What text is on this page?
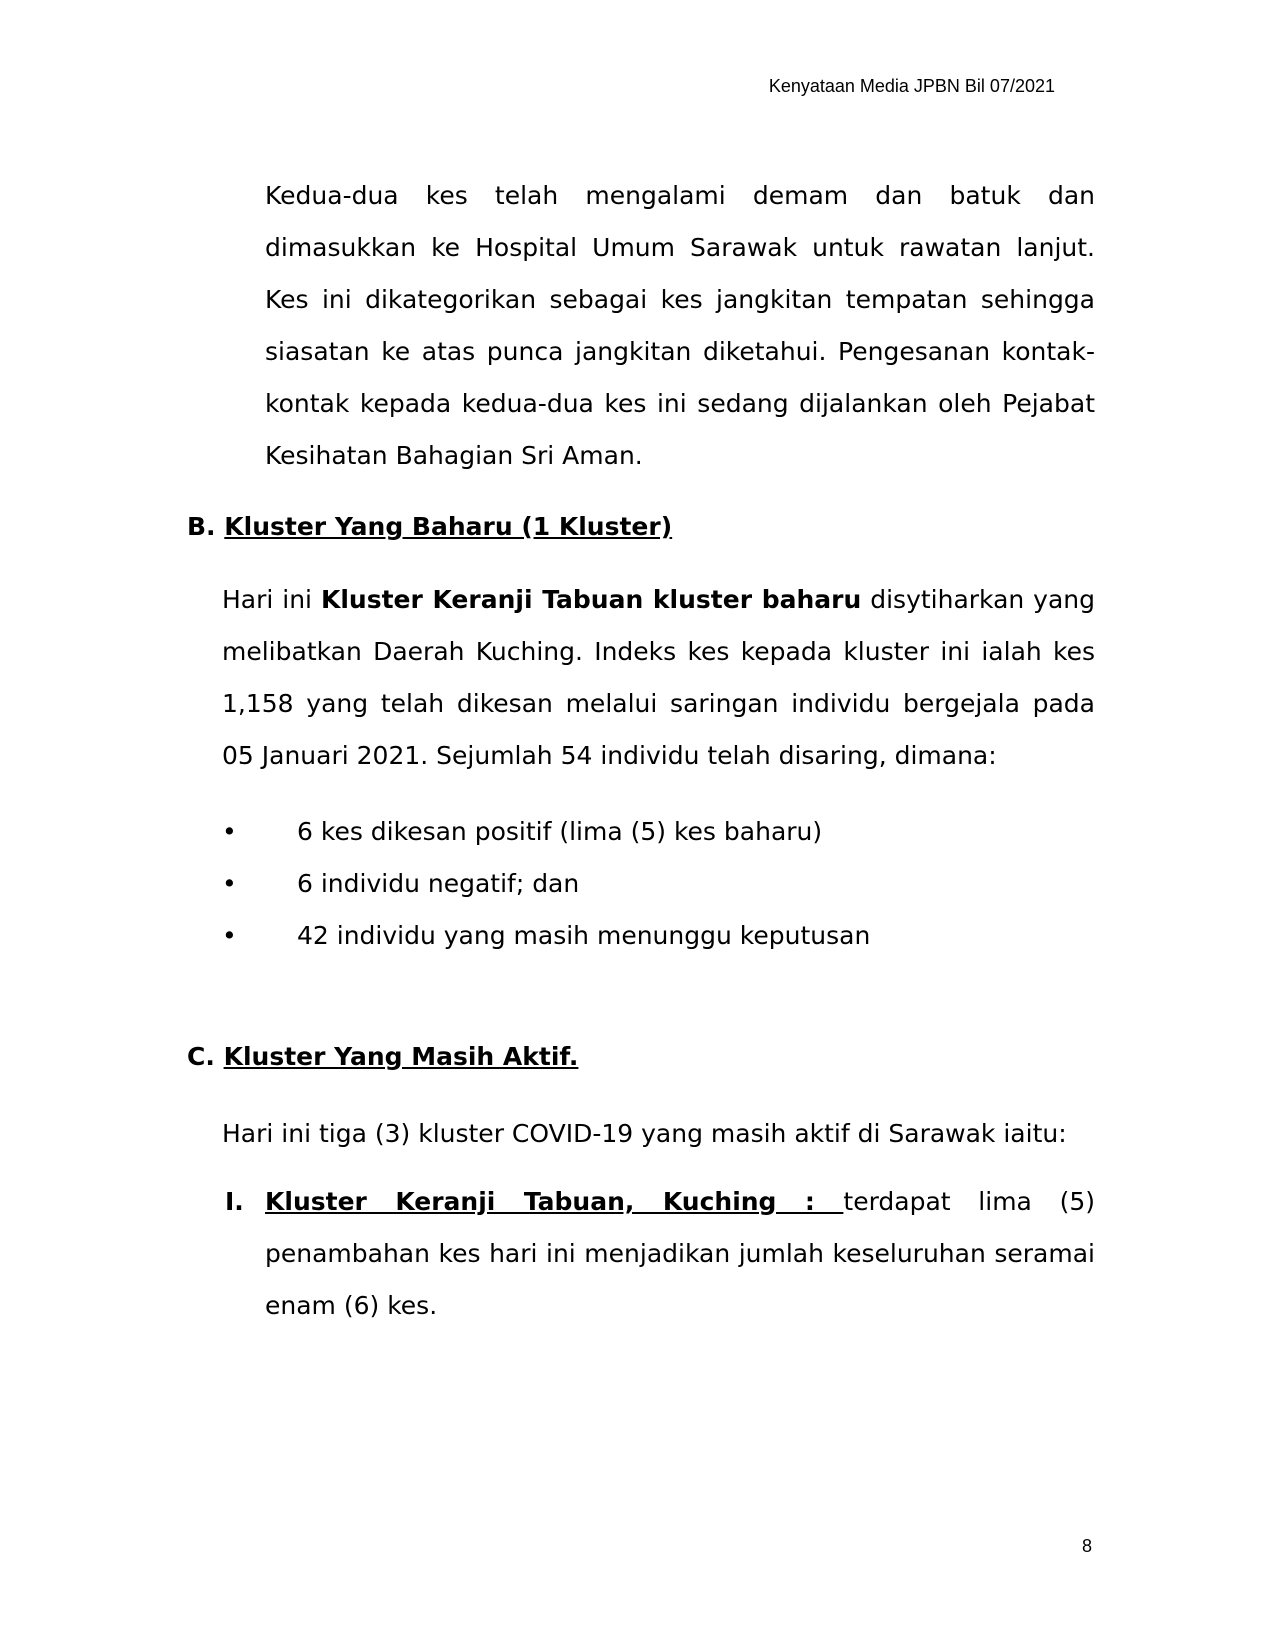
Kenyataan Media JPBN Bil 07/2021

Kedua-dua kes telah mengalami demam dan batuk dan dimasukkan ke Hospital Umum Sarawak untuk rawatan lanjut. Kes ini dikategorikan sebagai kes jangkitan tempatan sehingga siasatan ke atas punca jangkitan diketahui. Pengesanan kontak-kontak kepada kedua-dua kes ini sedang dijalankan oleh Pejabat Kesihatan Bahagian Sri Aman.

B. Kluster Yang Baharu (1 Kluster)

Hari ini Kluster Keranji Tabuan kluster baharu disytiharkan yang melibatkan Daerah Kuching. Indeks kes kepada kluster ini ialah kes 1,158 yang telah dikesan melalui saringan individu bergejala pada 05 Januari 2021. Sejumlah 54 individu telah disaring, dimana:

• 6 kes dikesan positif (lima (5) kes baharu)
• 6 individu negatif; dan
• 42 individu yang masih menunggu keputusan
C. Kluster Yang Masih Aktif.

Hari ini tiga (3) kluster COVID-19 yang masih aktif di Sarawak iaitu:

I. Kluster Keranji Tabuan, Kuching : terdapat lima (5) penambahan kes hari ini menjadikan jumlah keseluruhan seramai enam (6) kes.

8
